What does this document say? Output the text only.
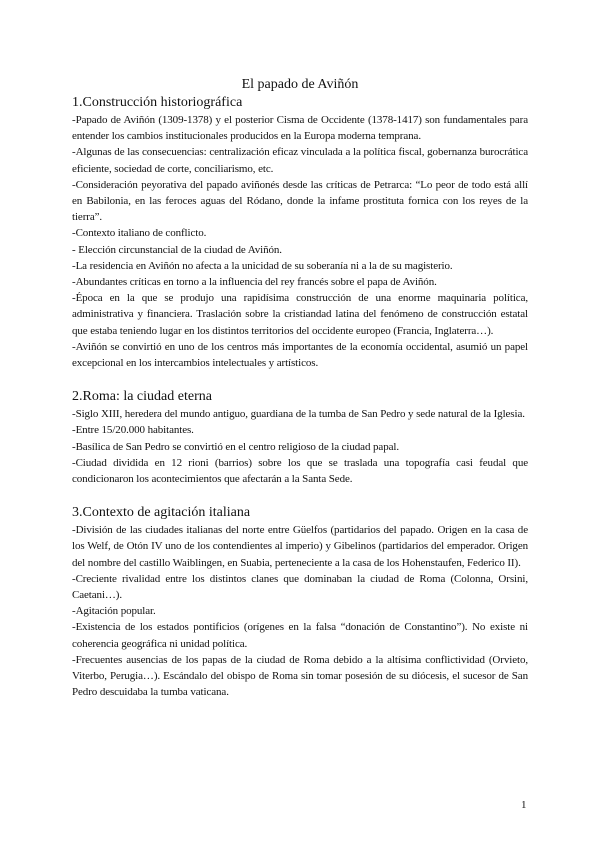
El papado de Aviñón
1.Construcción historiográfica

-Papado de Aviñón (1309-1378) y el posterior Cisma de Occidente (1378-1417) son fundamentales para entender los cambios institucionales producidos en la Europa moderna temprana.

-Algunas de las consecuencias: centralización eficaz vinculada a la política fiscal, gobernanza burocrática eficiente, sociedad de corte, conciliarismo, etc.

-Consideración peyorativa del papado aviñonés desde las críticas de Petrarca: “Lo peor de todo está allí en Babilonia, en las feroces aguas del Ródano, donde la infame prostituta fornica con los reyes de la tierra”.

-Contexto italiano de conflicto.

- Elección circunstancial de la ciudad de Aviñón.

-La residencia en Aviñón no afecta a la unicidad de su soberanía ni a la de su magisterio.

-Abundantes críticas en torno a la influencia del rey francés sobre el papa de Aviñón.

-Época en la que se produjo una rapidísima construcción de una enorme maquinaria política, administrativa y financiera. Traslación sobre la cristiandad latina del fenómeno de construcción estatal que estaba teniendo lugar en los distintos territorios del occidente europeo (Francia, Inglaterra…).

-Aviñón se convirtió en uno de los centros más importantes de la economía occidental, asumió un papel excepcional en los intercambios intelectuales y artísticos.

2.Roma: la ciudad eterna

-Siglo XIII, heredera del mundo antiguo, guardiana de la tumba de San Pedro y sede natural de la Iglesia.

-Entre 15/20.000 habitantes.

-Basílica de San Pedro se convirtió en el centro religioso de la ciudad papal.

-Ciudad dividida en 12 rioni (barrios) sobre los que se traslada una topografía casi feudal que condicionaron los acontecimientos que afectarán a la Santa Sede.

3.Contexto de agitación italiana

-División de las ciudades italianas del norte entre Güelfos (partidarios del papado. Origen en la casa de los Welf, de Otón IV uno de los contendientes al imperio) y Gibelinos (partidarios del emperador. Origen del nombre del castillo Waiblingen, en Suabia, perteneciente a la casa de los Hohenstaufen, Federico II).

-Creciente rivalidad entre los distintos clanes que dominaban la ciudad de Roma (Colonna, Orsini, Caetani…).

-Agitación popular.

-Existencia de los estados pontificios (orígenes en la falsa “donación de Constantino”). No existe ni coherencia geográfica ni unidad política.

-Frecuentes ausencias de los papas de la ciudad de Roma debido a la altísima conflictividad (Orvieto, Viterbo, Perugia…). Escándalo del obispo de Roma sin tomar posesión de su diócesis, el sucesor de San Pedro descuidaba la tumba vaticana.

1
